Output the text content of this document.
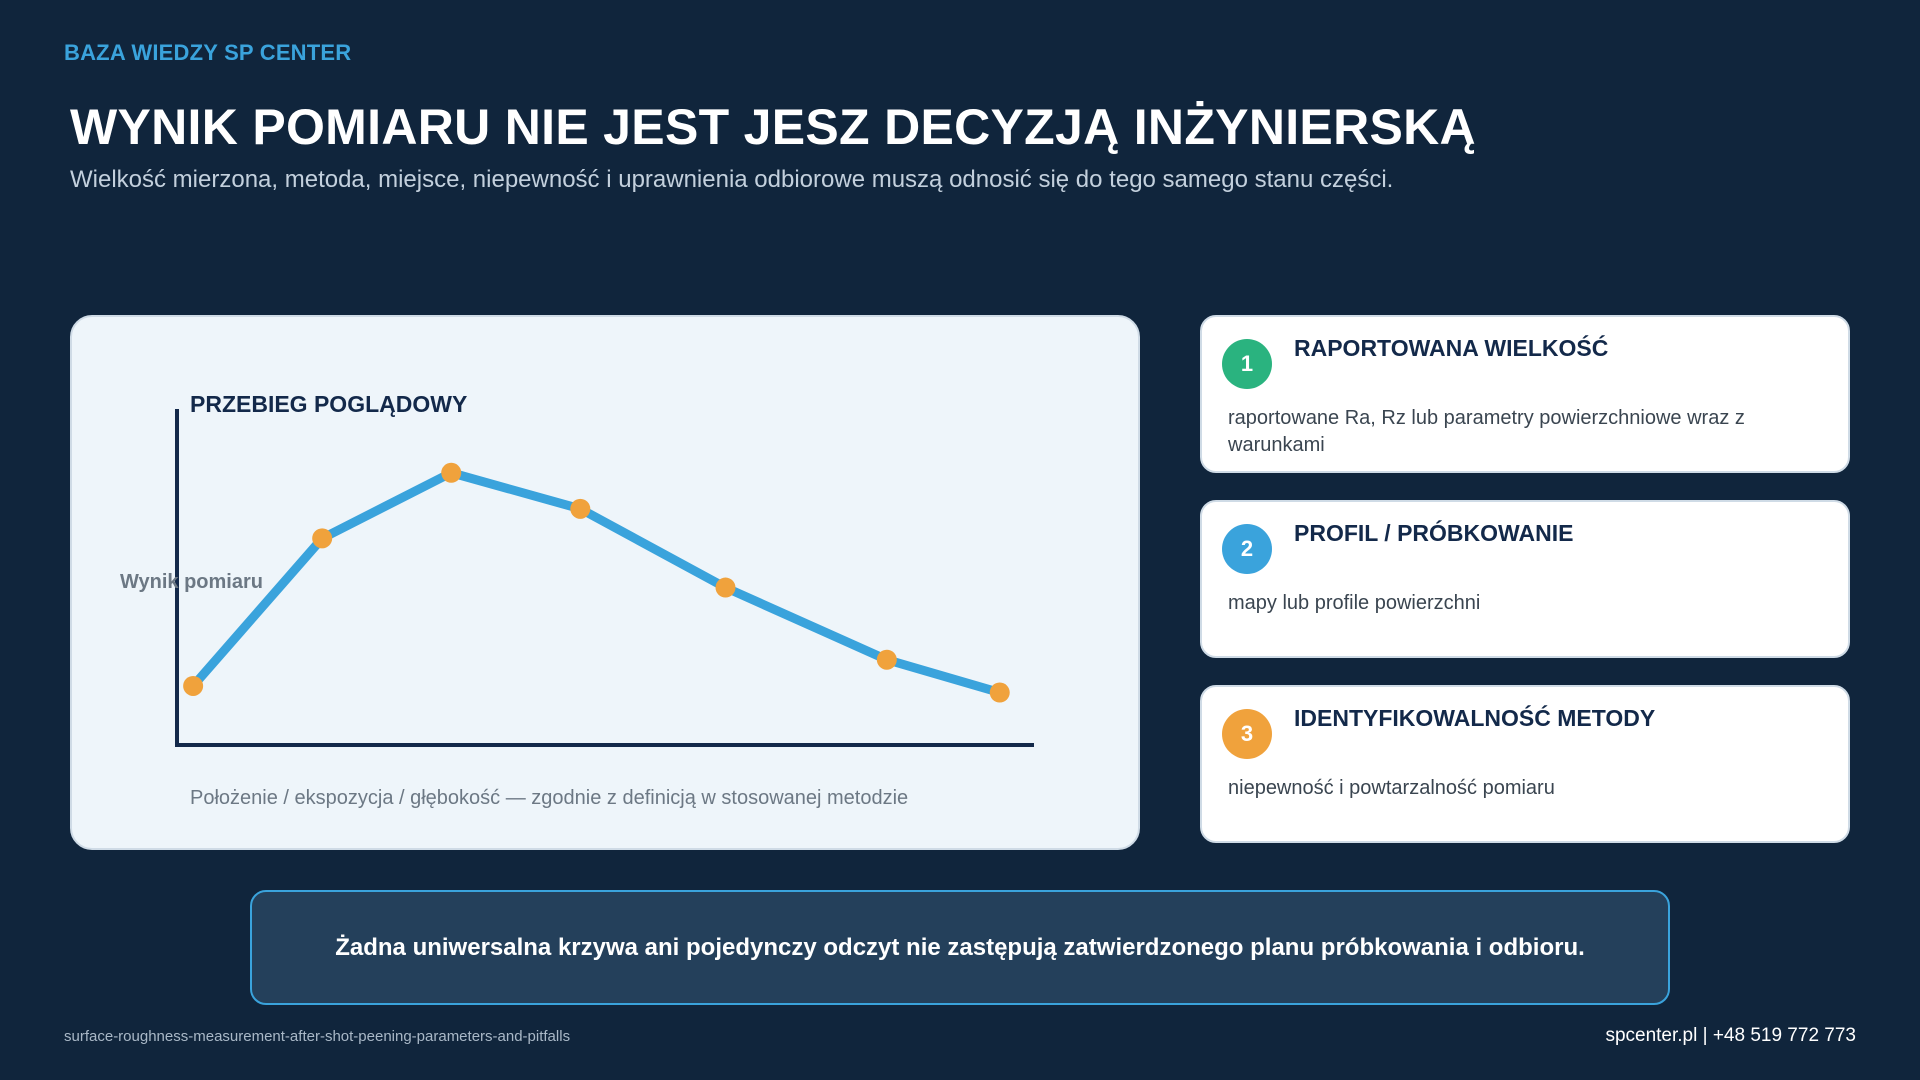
BAZA WIEDZY SP CENTER
WYNIK POMIARU NIE JEST JESZ DECYZJĄ INŻYNIERSKĄ
Wielkość mierzona, metoda, miejsce, niepewność i uprawnienia odbiorowe muszą odnosić się do tego samego stanu części.
PRZEBIEG POGLĄDOWY
Wynik pomiaru
Położenie / ekspozycja / głębokość — zgodnie z definicją w stosowanej metodzie
1
RAPORTOWANA WIELKOŚĆ
raportowane Ra, Rz lub parametry powierzchniowe wraz z warunkami
2
PROFIL / PRÓBKOWANIE
mapy lub profile powierzchni
3
IDENTYFIKOWALNOŚĆ METODY
niepewność i powtarzalność pomiaru
Żadna uniwersalna krzywa ani pojedynczy odczyt nie zastępują zatwierdzonego planu próbkowania i odbioru.
surface-roughness-measurement-after-shot-peening-parameters-and-pitfalls	spcenter.pl | +48 519 772 773
